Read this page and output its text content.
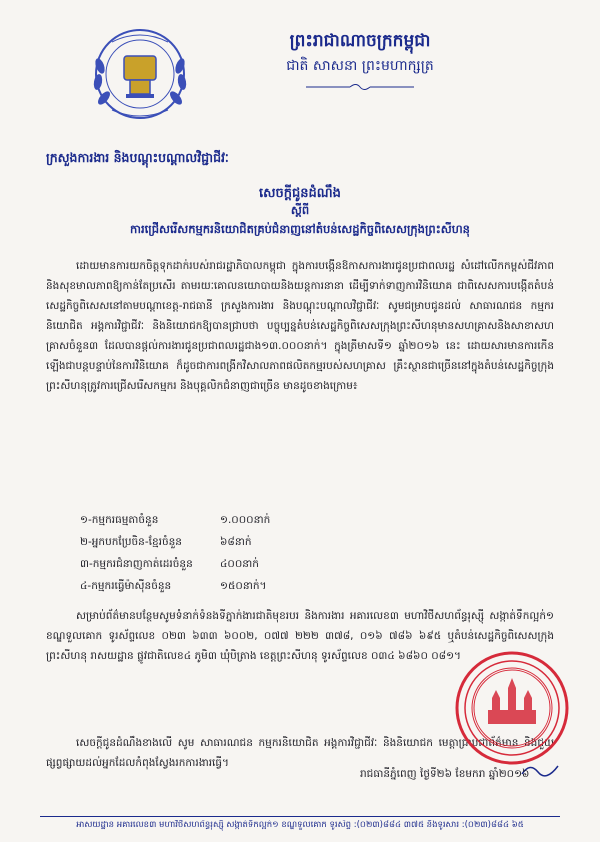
ព្រះរាជាណាចក្រកម្ពុជា
ជាតិ សាសនា ព្រះមហាក្សត្រ
ក្រសួងការងារ និងបណ្តុះបណ្តាលវិជ្ជាជីវៈ
សេចក្តីជូនដំណឹង
ស្តីពី
ការជ្រើសរើសកម្មករនិយោជិតគ្រប់ជំនាញនៅតំបន់សេដ្ឋកិច្ចពិសេសក្រុងព្រះសីហនុ
ដោយមានការយកចិត្តទុកដាក់របស់រាជរដ្ឋាភិបាលកម្ពុជា ក្នុងការបង្កើនឱកាសការងារជូនប្រជាពលរដ្ឋ សំដៅលើកកម្ពស់ជីវភាព និងសុខមាលភាពឱ្យកាន់តែប្រសើរ តាមរយៈគោលនយោបាយនិងយន្តការនានា ដើម្បីទាក់ទាញការវិនិយោគ ជាពិសេសការបង្កើតតំបន់សេដ្ឋកិច្ចពិសេសនៅតាមបណ្តាខេត្ត-រាជធានី ក្រសួងការងារ និងបណ្តុះបណ្តាលវិជ្ជាជីវៈ សូមជម្រាបជូនដល់ សាធារណជន កម្មករនិយោជិត អង្គការវិជ្ជាជីវៈ និងនិយោជកឱ្យបានជ្រាបថា បច្ចុប្បន្នតំបន់សេដ្ឋកិច្ចពិសេសក្រុងព្រះសីហនុមានសហគ្រាសនិងសាខាសហគ្រាសចំនួន៣ ដែលបានផ្តល់ការងារជូនប្រជាពលរដ្ឋជាង១៣.០០០នាក់។ ក្នុងត្រីមាសទី១ ឆ្នាំ២០១៦ នេះ ដោយសារមានការកើនឡើងជាបន្តបន្ទាប់នៃការវិនិយោគ ក៏ដូចជាការពង្រីកវិសាលភាពផលិតកម្មរបស់សហគ្រាស គ្រឹះស្ថានជាច្រើននៅក្នុងតំបន់សេដ្ឋកិច្ចក្រុងព្រះសីហនុត្រូវការជ្រើសរើសកម្មករ និងបុគ្គលិកជំនាញជាច្រើន មានដូចខាងក្រោម៖
១-កម្មករធម្មតាចំនួន	១.០០០នាក់
២-អ្នកបកប្រែចិន-ខ្មែរចំនួន	៦៨នាក់
៣-កម្មករជំនាញកាត់ដេរចំនួន	៤០០នាក់
៤-កម្មករធ្វើម៉ាស៊ីនចំនួន	១៥០នាក់។
សម្រាប់ព័ត៌មានបន្ថែមសូមទំនាក់ទំនងទីភ្នាក់ងារជាតិមុខរបរ និងការងារ អគារលេខ៣ មហាវិថីសហព័ន្ធរុស្ស៊ី សង្កាត់ទឹកល្អក់១ ខណ្ឌទួលគោក ទូរស័ព្ទលេខ ០២៣ ៦៣៣ ៦០០២, ០៧៧ ២២២ ៣៧៨, ០១៦ ៧៨៦ ៦៩៥ ឬតំបន់សេដ្ឋកិច្ចពិសេសក្រុងព្រះសីហនុ រាសយដ្ឋាន ផ្លូវជាតិលេខ៤ ភូមិ៣ ឃុំបិត្រាង ខេត្តព្រះសីហនុ ទូរស័ព្ទលេខ ០៣៤ ៦៨៦០ ០៨១។
សេចក្តីជូនដំណឹងខាងលើ សូម សាធារណជន កម្មករនិយោជិត អង្គការវិជ្ជាជីវៈ និងនិយោជក មេត្តាជ្រាបជាព័ត៌មាន និងជួយផ្សព្វផ្សាយដល់អ្នកដែលកំពុងស្វែងរកការងារធ្វើ។
រាជធានីភ្នំពេញ ថ្ងៃទី២៦ ខែមករា ឆ្នាំ២០១៦
អាសយដ្ឋាន អគារលេខ៣ មហាវិថីសហព័ន្ធរុស្ស៊ី សង្កាត់ទឹកល្អក់១ ខណ្ឌទួលគោក ទូរស័ព្ទ :(០២៣)៨៨៤ ៣៧៥ និងទូរសារ :(០២៣)៨៨៤ ៦៥
